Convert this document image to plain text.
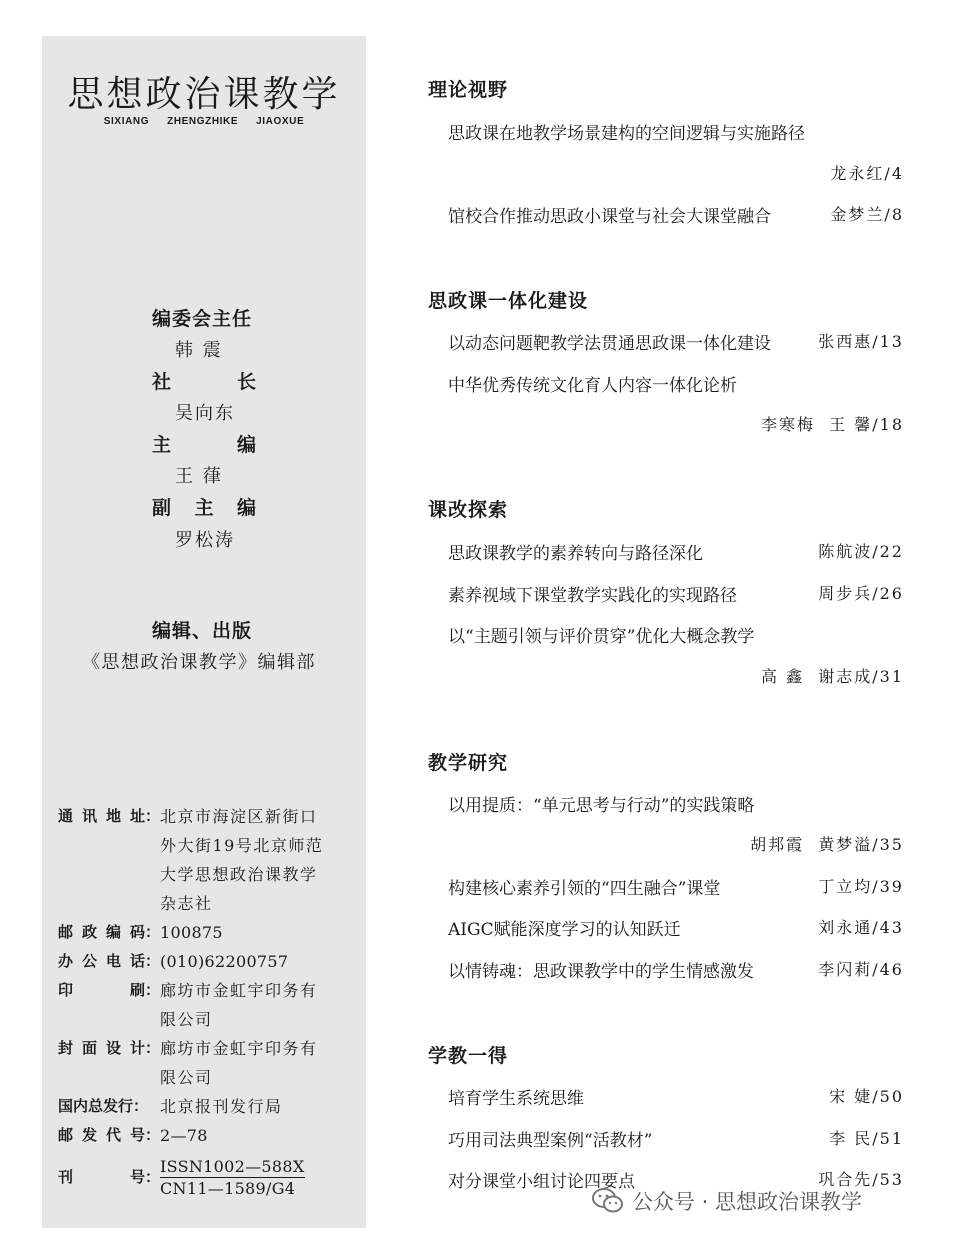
思想政治课教学
SIXIANG ZHENGZHIKE JIAOXUE
编委会主任
韩 震
社	长
吴向东
主	编
王 葎
副 主 编
罗松涛
编辑、出版
《思想政治课教学》编辑部
通 讯 地 址： 北京市海淀区新街口
外大街19号北京师范
大学思想政治课教学
杂志社
邮 政 编 码： 100875
办 公 电 话： (010)62200757
印	刷： 廊坊市金虹宇印务有
限公司
封 面 设 计： 廊坊市金虹宇印务有
限公司
国内总发行： 北京报刊发行局
邮 发 代 号： 2—78
刊	号：
ISSN1002—588X
CN11—1589/G4
理论视野
思政课在地教学场景建构的空间逻辑与实施路径
龙永红/4
馆校合作推动思政小课堂与社会大课堂融合	金梦兰/8
思政课一体化建设
以动态问题靶教学法贯通思政课一体化建设	张西惠/13
中华优秀传统文化育人内容一体化论析
李寒梅  王 馨/18
课改探索
思政课教学的素养转向与路径深化	陈航波/22
素养视域下课堂教学实践化的实现路径	周步兵/26
以“主题引领与评价贯穿”优化大概念教学
高 鑫  谢志成/31
教学研究
以用提质：“单元思考与行动”的实践策略
胡邦霞  黄梦溢/35
构建核心素养引领的“四生融合”课堂	丁立均/39
AIGC赋能深度学习的认知跃迁	刘永通/43
以情铸魂：思政课教学中的学生情感激发	李闪莉/46
学教一得
培育学生系统思维	宋 婕/50
巧用司法典型案例“活教材”	李 民/51
对分课堂小组讨论四要点	巩合先/53
公众号 · 思想政治课教学
